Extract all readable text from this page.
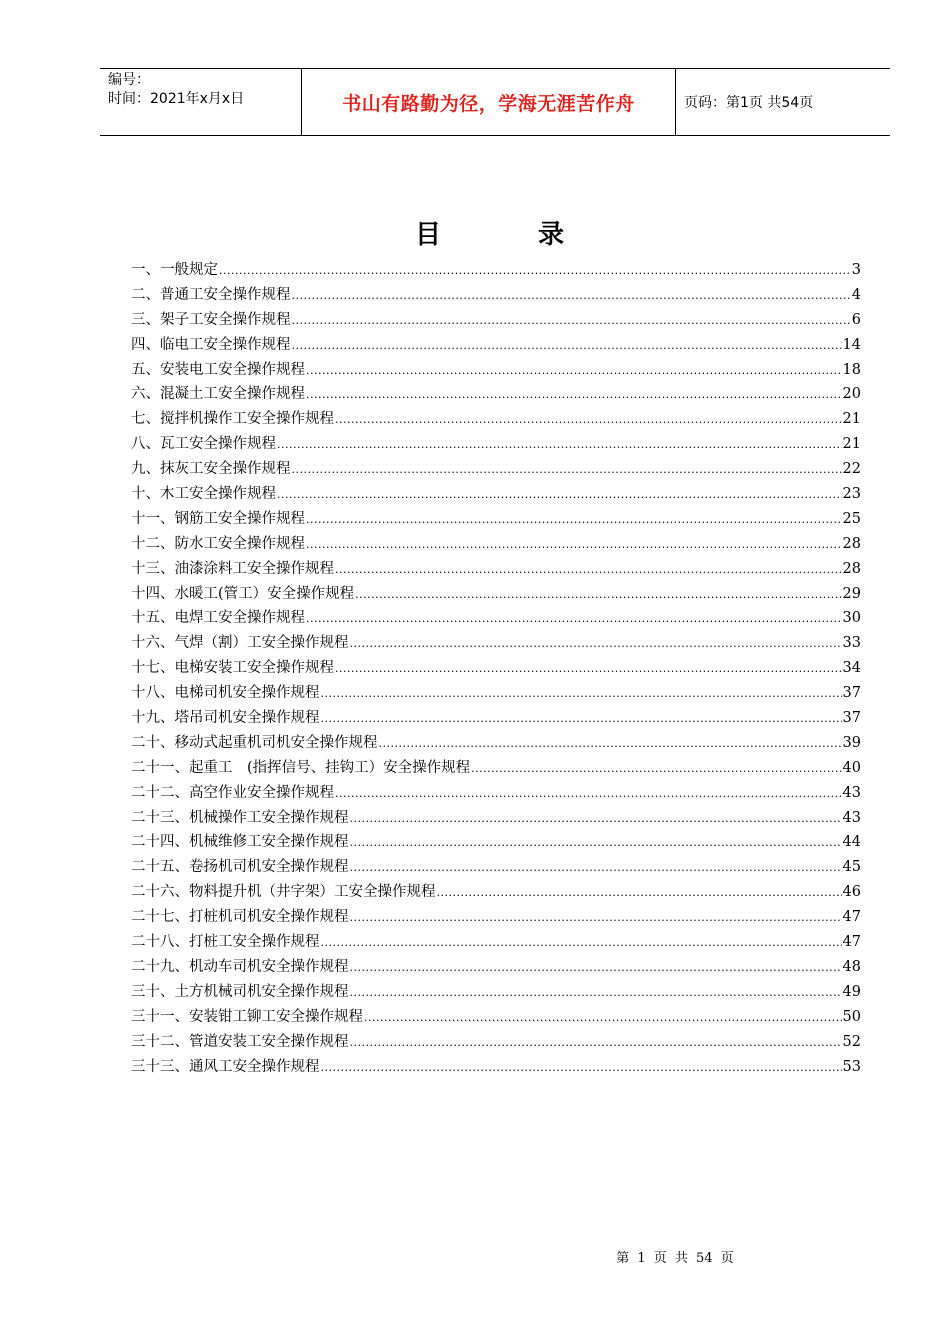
编号：
时间：2021年x月x日	书山有路勤为径，学海无涯苦作舟	页码：第1页 共54页
目 录
一、一般规定 .....	3
二、普通工安全操作规程 .....	4
三、架子工安全操作规程 .....	6
四、临电工安全操作规程 .....	14
五、安装电工安全操作规程 .....	18
六、混凝土工安全操作规程 .....	20
七、搅拌机操作工安全操作规程 .....	21
八、瓦工安全操作规程 .....	21
九、抹灰工安全操作规程 .....	22
十、木工安全操作规程 .....	23
十一、钢筋工安全操作规程 .....	25
十二、防水工安全操作规程 .....	28
十三、油漆涂料工安全操作规程 .....	28
十四、水暖工(管工）安全操作规程 .....	29
十五、电焊工安全操作规程 .....	30
十六、气焊（割）工安全操作规程 .....	33
十七、电梯安装工安全操作规程 .....	34
十八、电梯司机安全操作规程 .....	37
十九、塔吊司机安全操作规程 .....	37
二十、移动式起重机司机安全操作规程 .....	39
二十一、起重工　(指挥信号、挂钩工）安全操作规程 .....	40
二十二、高空作业安全操作规程 .....	43
二十三、机械操作工安全操作规程 .....	43
二十四、机械维修工安全操作规程 .....	44
二十五、卷扬机司机安全操作规程 .....	45
二十六、物料提升机（井字架）工安全操作规程 .....	46
二十七、打桩机司机安全操作规程 .....	47
二十八、打桩工安全操作规程 .....	47
二十九、机动车司机安全操作规程 .....	48
三十、土方机械司机安全操作规程 .....	49
三十一、安装钳工铆工安全操作规程 .....	50
三十二、管道安装工安全操作规程 .....	52
三十三、通风工安全操作规程 .....	53
第 1 页 共 54 页
